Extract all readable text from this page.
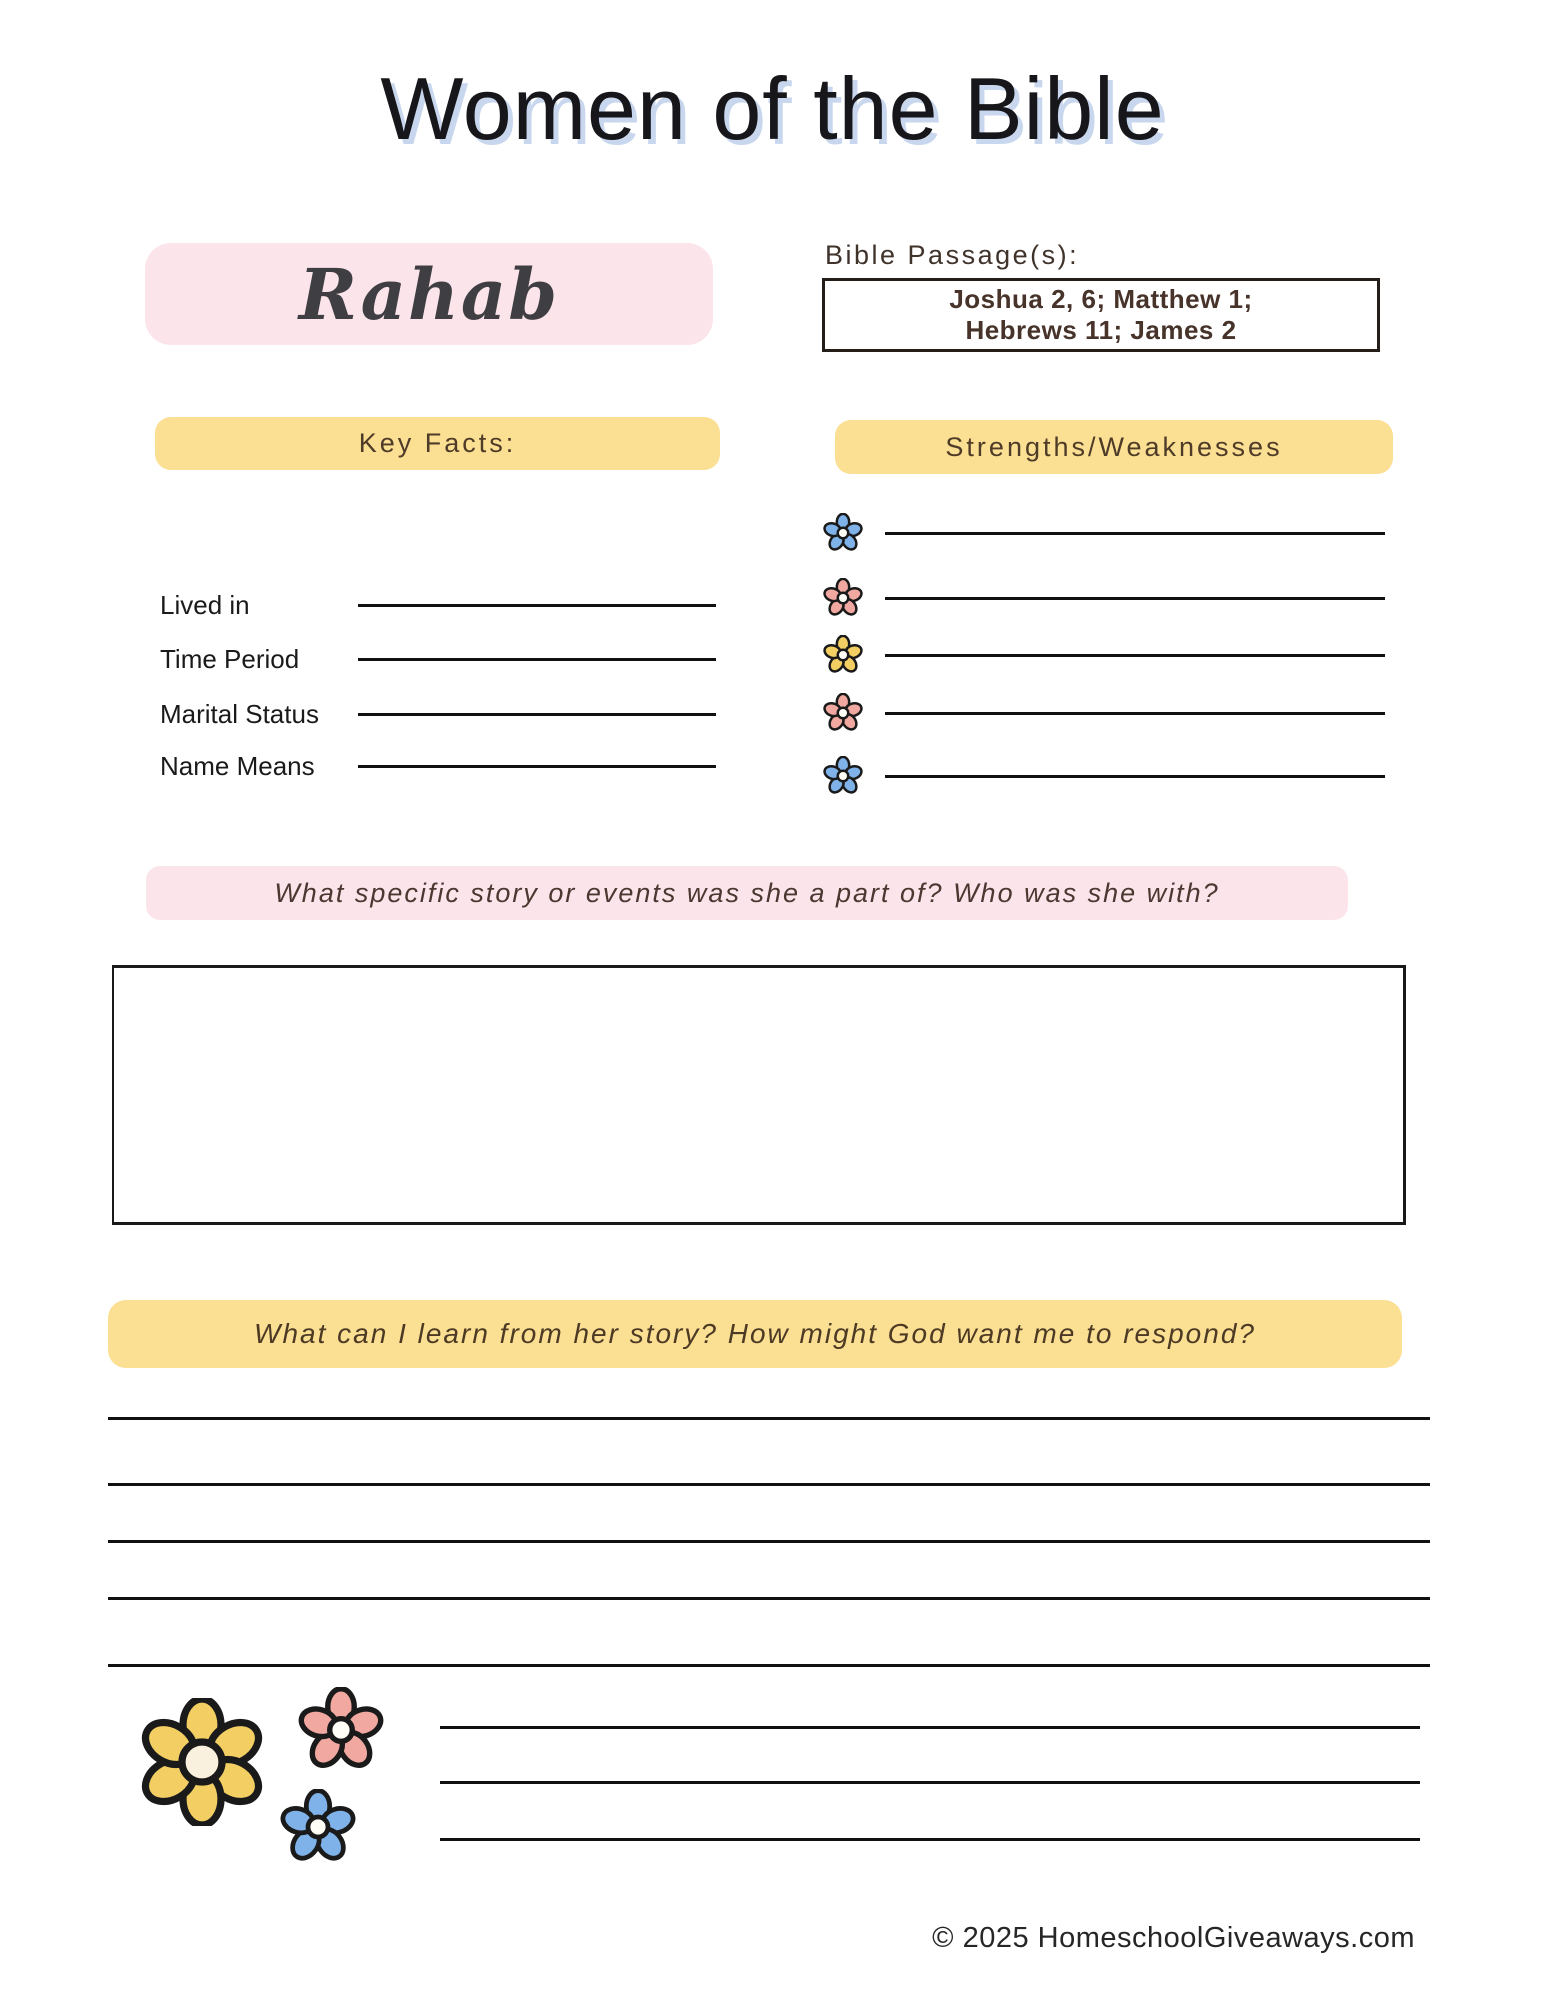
Women of the Bible
Rahab	Bible Passage(s):
Joshua 2, 6; Matthew 1;
Hebrews 11; James 2
Key Facts:	Strengths/Weaknesses
Lived in
Time Period
Marital Status
Name Means
What specific story or events was she a part of? Who was she with?
What can I learn from her story? How might God want me to respond?
© 2025 HomeschoolGiveaways.com
